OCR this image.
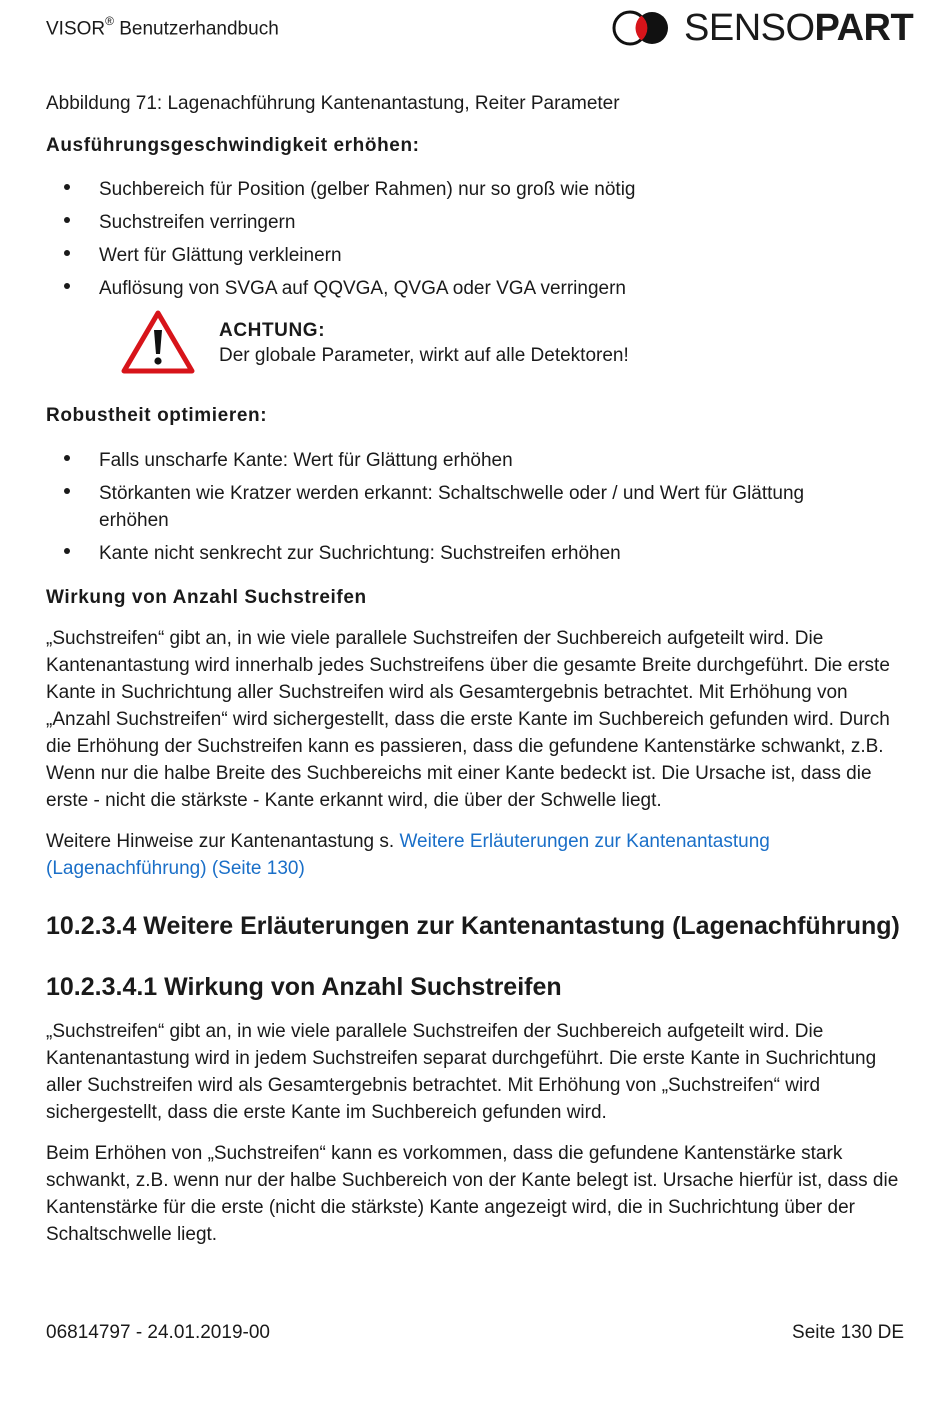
VISOR® Benutzerhandbuch	SENSOPART
Abbildung 71: Lagenachführung Kantenantastung, Reiter Parameter
Ausführungsgeschwindigkeit erhöhen:
Suchbereich für Position (gelber Rahmen) nur so groß wie nötig
Suchstreifen verringern
Wert für Glättung verkleinern
Auflösung von SVGA auf QQVGA, QVGA oder VGA verringern
ACHTUNG:
Der globale Parameter, wirkt auf alle Detektoren!
Robustheit optimieren:
Falls unscharfe Kante: Wert für Glättung erhöhen
Störkanten wie Kratzer werden erkannt: Schaltschwelle oder / und Wert für Glättung erhöhen
Kante nicht senkrecht zur Suchrichtung: Suchstreifen erhöhen
Wirkung von Anzahl Suchstreifen

„Suchstreifen“ gibt an, in wie viele parallele Suchstreifen der Suchbereich aufgeteilt wird. Die Kantenantastung wird innerhalb jedes Suchstreifens über die gesamte Breite durchgeführt. Die erste Kante in Suchrichtung aller Suchstreifen wird als Gesamtergebnis betrachtet. Mit Erhöhung von „Anzahl Suchstreifen“ wird sichergestellt, dass die erste Kante im Suchbereich gefunden wird. Durch die Erhöhung der Suchstreifen kann es passieren, dass die gefundene Kantenstärke schwankt, z.B. Wenn nur die halbe Breite des Suchbereichs mit einer Kante bedeckt ist. Die Ursache ist, dass die erste - nicht die stärkste - Kante erkannt wird, die über der Schwelle liegt.

Weitere Hinweise zur Kantenantastung s. Weitere Erläuterungen zur Kantenantastung (Lagenachführung) (Seite 130)

10.2.3.4 Weitere Erläuterungen zur Kantenantastung (Lagenachführung)
10.2.3.4.1 Wirkung von Anzahl Suchstreifen

„Suchstreifen“ gibt an, in wie viele parallele Suchstreifen der Suchbereich aufgeteilt wird. Die Kantenantastung wird in jedem Suchstreifen separat durchgeführt. Die erste Kante in Suchrichtung aller Suchstreifen wird als Gesamtergebnis betrachtet. Mit Erhöhung von „Suchstreifen“ wird sichergestellt, dass die erste Kante im Suchbereich gefunden wird.

Beim Erhöhen von „Suchstreifen“ kann es vorkommen, dass die gefundene Kantenstärke stark schwankt, z.B. wenn nur der halbe Suchbereich von der Kante belegt ist. Ursache hierfür ist, dass die Kantenstärke für die erste (nicht die stärkste) Kante angezeigt wird, die in Suchrichtung über der Schaltschwelle liegt.

06814797 - 24.01.2019-00	Seite 130 DE
